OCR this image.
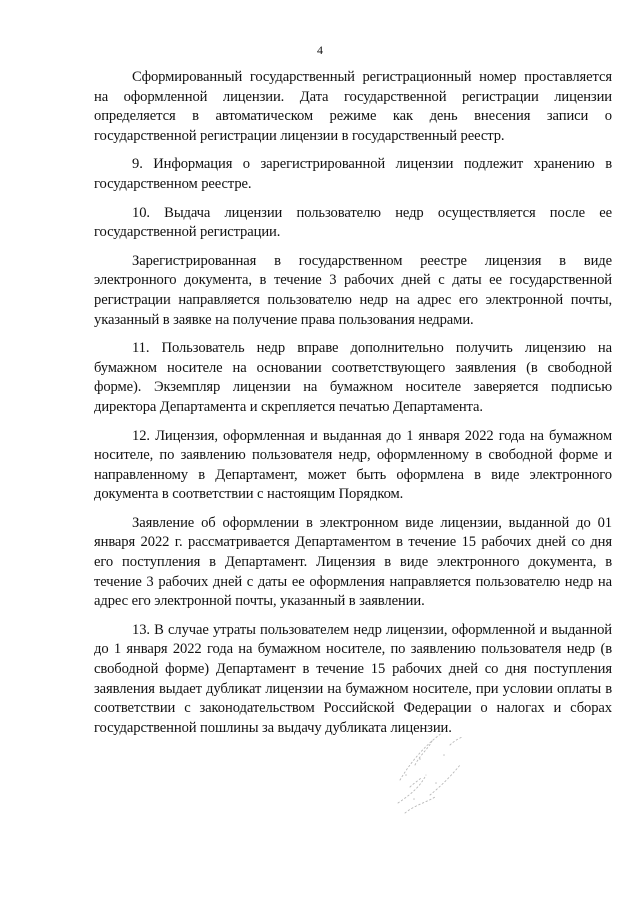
4

Сформированный государственный регистрационный номер проставляется на оформленной лицензии. Дата государственной регистрации лицензии определяется в автоматическом режиме как день внесения записи о государственной регистрации лицензии в государственный реестр.

9. Информация о зарегистрированной лицензии подлежит хранению в государственном реестре.

10. Выдача лицензии пользователю недр осуществляется после ее государственной регистрации.

Зарегистрированная в государственном реестре лицензия в виде электронного документа, в течение 3 рабочих дней с даты ее государственной регистрации направляется пользователю недр на адрес его электронной почты, указанный в заявке на получение права пользования недрами.

11. Пользователь недр вправе дополнительно получить лицензию на бумажном носителе на основании соответствующего заявления (в свободной форме). Экземпляр лицензии на бумажном носителе заверяется подписью директора Департамента и скрепляется печатью Департамента.

12. Лицензия, оформленная и выданная до 1 января 2022 года на бумажном носителе, по заявлению пользователя недр, оформленному в свободной форме и направленному в Департамент, может быть оформлена в виде электронного документа в соответствии с настоящим Порядком.

Заявление об оформлении в электронном виде лицензии, выданной до 01 января 2022 г. рассматривается Департаментом в течение 15 рабочих дней со дня его поступления в Департамент. Лицензия в виде электронного документа, в течение 3 рабочих дней с даты ее оформления направляется пользователю недр на адрес его электронной почты, указанный в заявлении.

13. В случае утраты пользователем недр лицензии, оформленной и выданной до 1 января 2022 года на бумажном носителе, по заявлению пользователя недр (в свободной форме) Департамент в течение 15 рабочих дней со дня поступления заявления выдает дубликат лицензии на бумажном носителе, при условии оплаты в соответствии с законодательством Российской Федерации о налогах и сборах государственной пошлины за выдачу дубликата лицензии.
